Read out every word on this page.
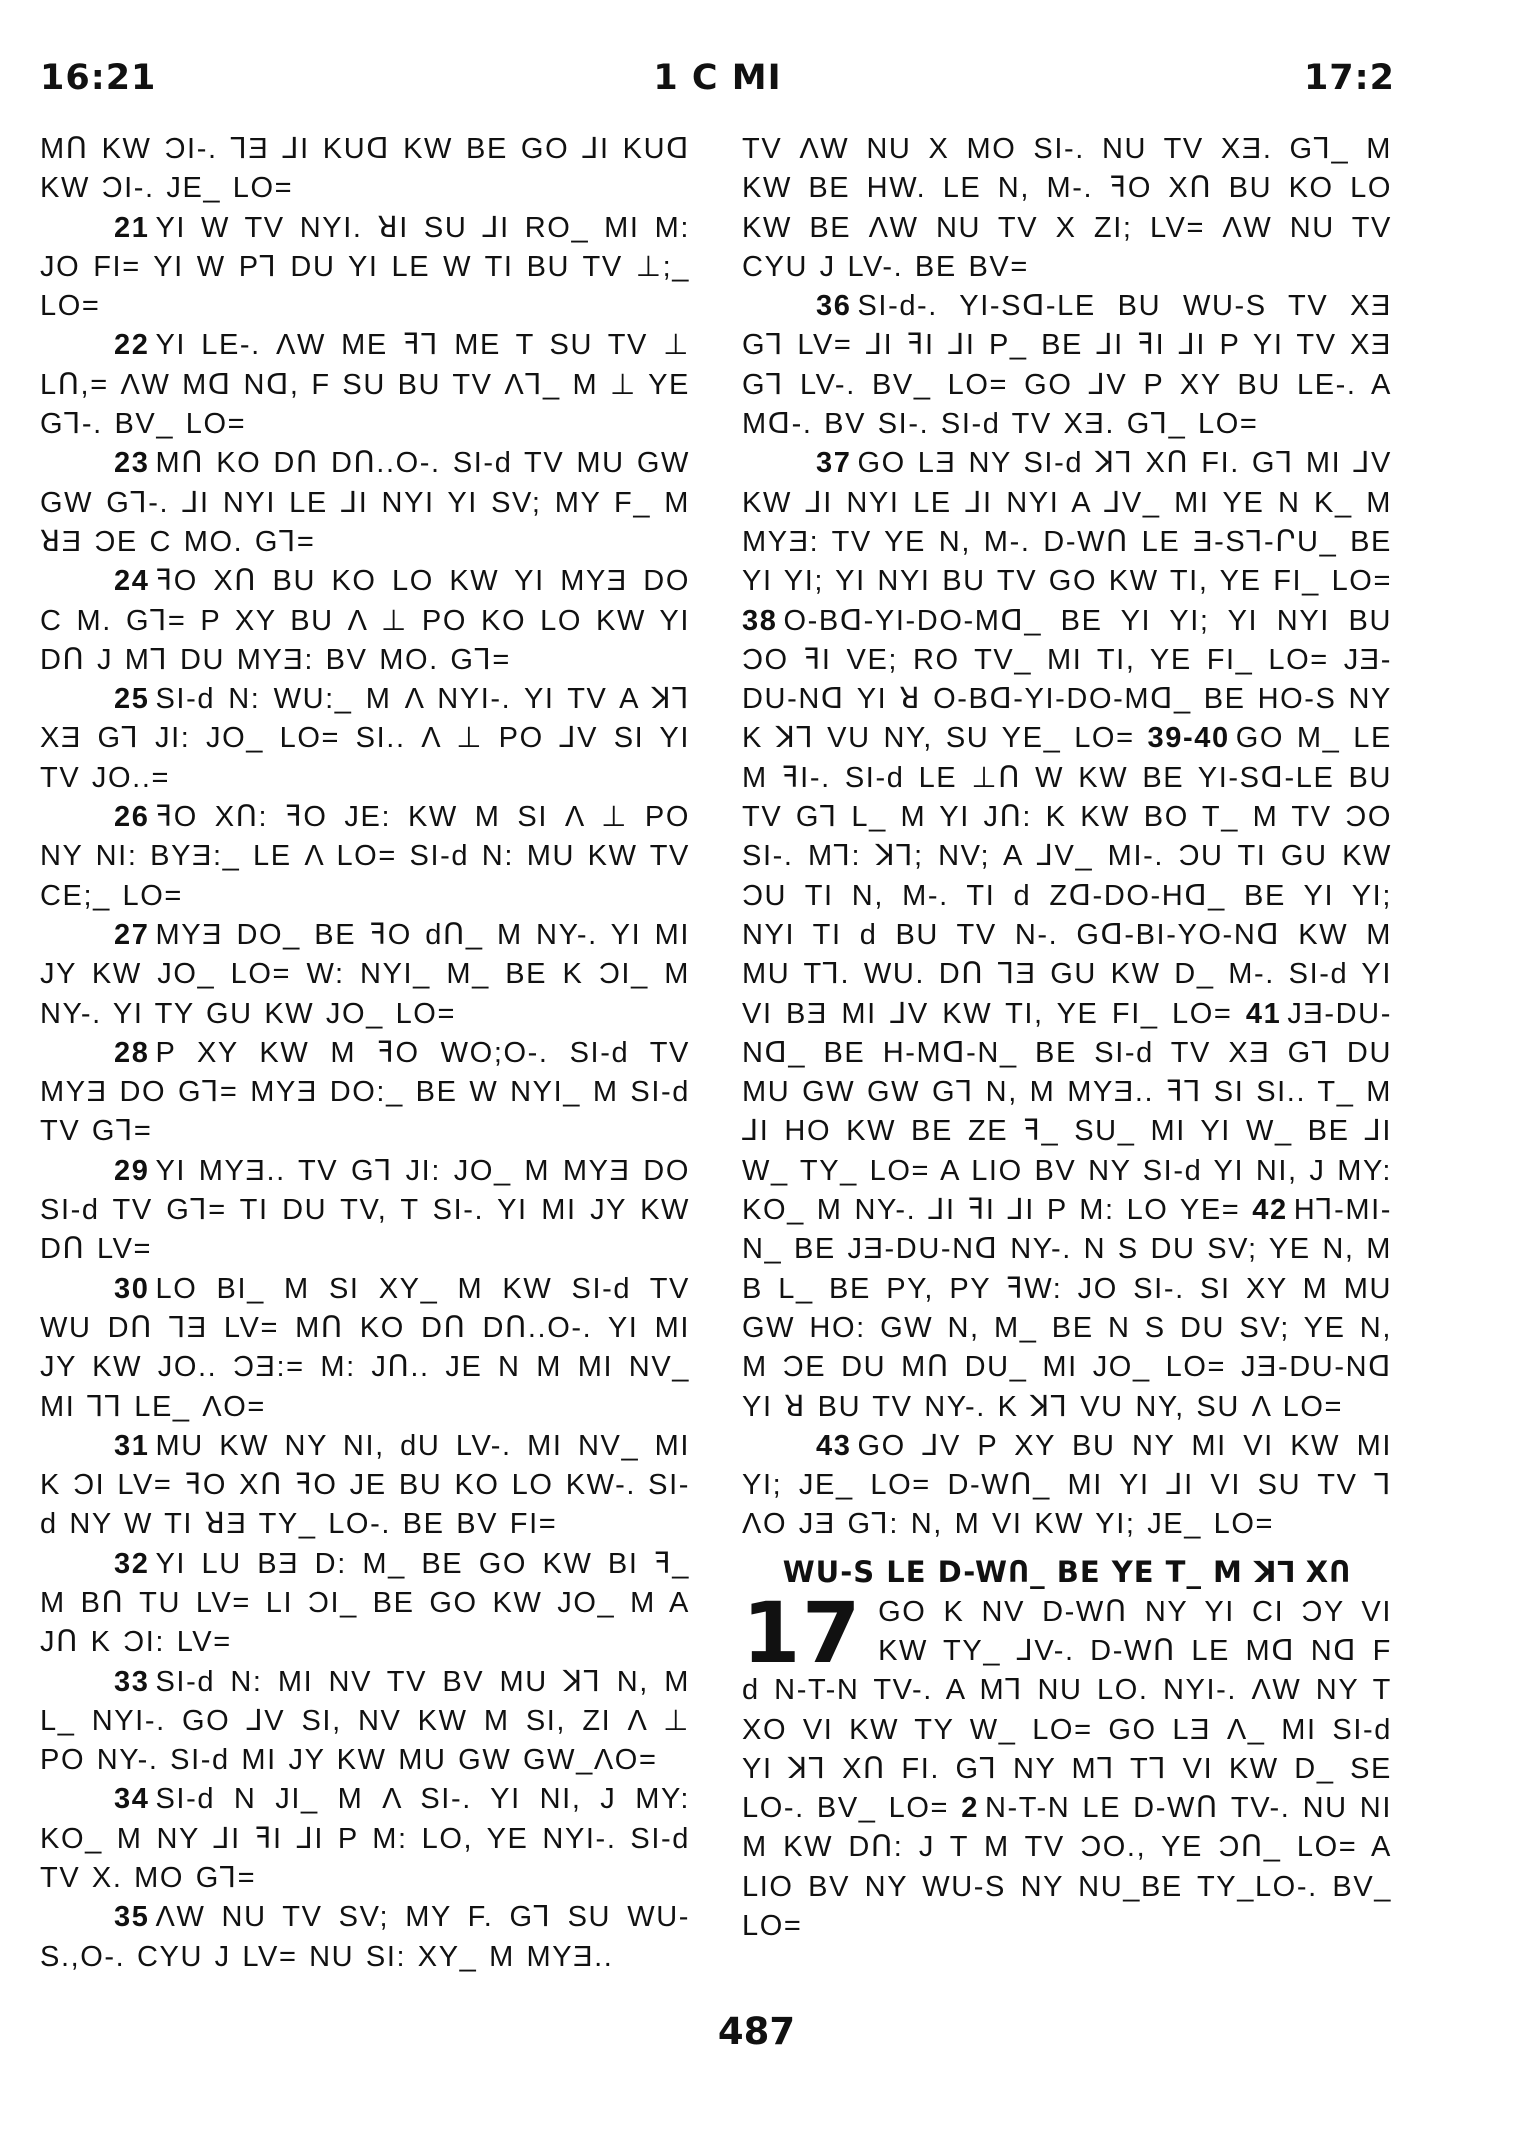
16:21	1 C MI	17:2

MՈ KW ƆI-. ⅂Ǝ ⅃I KUᗡ KW BE GO ⅃I KUᗡ KW ƆI-. JE_ LO=

21 YI W TV NYI. ꓤI SU ⅃I RO_ MI M: JO FI= YI W P⅂ DU YI LE W TI BU TV ⊥;_ LO=

22 YI LE-. ΛW ME ꟻ⅂ ME T SU TV ⊥ LՈ,= ΛW Mᗡ Nᗡ, F SU BU TV Λ⅂_ M ⊥ YE G⅂-. BV_ LO=

23 MՈ KO DՈ DՈ..O-. SI-d TV MU GW GW G⅂-. ⅃I NYI LE ⅃I NYI YI SV; MY F_ M ꓤƎ ƆE C MO. G⅂=

24 ꟻO XՈ BU KO LO KW YI MYƎ DO C M. G⅂= P XY BU Λ ⊥ PO KO LO KW YI DՈ J M⅂ DU MYƎ: BV MO. G⅂=

25 SI-d N: WU:_ M Λ NYI-. YI TV A ꓘ⅂ XƎ G⅂ JI: JO_ LO= SI.. Λ ⊥ PO ⅃V SI YI TV JO..=

26 ꟻO XՈ: ꟻO JE: KW M SI Λ ⊥ PO NY NI: BYƎ:_ LE Λ LO= SI-d N: MU KW TV CE;_ LO=

27 MYƎ DO_ BE ꟻO dՈ_ M NY-. YI MI JY KW JO_ LO= W: NYI_ M_ BE K ƆI_ M NY-. YI TY GU KW JO_ LO=

28 P XY KW M ꟻO WO;O-. SI-d TV MYƎ DO G⅂= MYƎ DO:_ BE W NYI_ M SI-d TV G⅂=

29 YI MYƎ.. TV G⅂ JI: JO_ M MYƎ DO SI-d TV G⅂= TI DU TV, T SI-. YI MI JY KW DՈ LV=

30 LO BI_ M SI XY_ M KW SI-d TV WU DՈ ⅂Ǝ LV= MՈ KO DՈ DՈ..O-. YI MI JY KW JO.. ƆƎ:= M: JՈ.. JE N M MI NV_ MI ⅂⅂ LE_ ΛO=

31 MU KW NY NI, dU LV-. MI NV_ MI K ƆI LV= ꟻO XՈ ꟻO JE BU KO LO KW-. SI-d NY W TI ꓤƎ TY_ LO-. BE BV FI=

32 YI LU BƎ D: M_ BE GO KW BI ꟻ_ M BՈ TU LV= LI ƆI_ BE GO KW JO_ M A JՈ K ƆI: LV=

33 SI-d N: MI NV TV BV MU ꓘ⅂ N, M L_ NYI-. GO ⅃V SI, NV KW M SI, ZI Λ ⊥ PO NY-. SI-d MI JY KW MU GW GW_ΛO=

34 SI-d N JI_ M Λ SI-. YI NI, J MY: KO_ M NY ⅃I ꟻI ⅃I P M: LO, YE NYI-. SI-d TV X. MO G⅂=

35 ΛW NU TV SV; MY F. G⅂ SU WU-S.,O-. CYU J LV= NU SI: XY_ M MYƎ..

TV ΛW NU X MO SI-. NU TV XƎ. G⅂_ M KW BE HW. LE N, M-. ꟻO XՈ BU KO LO KW BE ΛW NU TV X ZI; LV= ΛW NU TV CYU J LV-. BE BV=

36 SI-d-. YI-Sᗡ-LE BU WU-S TV XƎ G⅂ LV= ⅃I ꟻI ⅃I P_ BE ⅃I ꟻI ⅃I P YI TV XƎ G⅂ LV-. BV_ LO= GO ⅃V P XY BU LE-. A Mᗡ-. BV SI-. SI-d TV XƎ. G⅂_ LO=

37 GO LƎ NY SI-d ꓘ⅂ XՈ FI. G⅂ MI ⅃V KW ⅃I NYI LE ⅃I NYI A ⅃V_ MI YE N K_ M MYƎ: TV YE N, M-. D-WՈ LE Ǝ-S⅂-ՐU_ BE YI YI; YI NYI BU TV GO KW TI, YE FI_ LO= 38 O-Bᗡ-YI-DO-Mᗡ_ BE YI YI; YI NYI BU ƆO ꟻI VE; RO TV_ MI TI, YE FI_ LO= JƎ-DU-Nᗡ YI ꓤ O-Bᗡ-YI-DO-Mᗡ_ BE HO-S NY K ꓘ⅂ VU NY, SU YE_ LO= 39-40 GO M_ LE M ꟻI-. SI-d LE ⊥Ո W KW BE YI-Sᗡ-LE BU TV G⅂ L_ M YI JՈ: K KW BO T_ M TV ƆO SI-. M⅂: ꓘ⅂; NV; A ⅃V_ MI-. ƆU TI GU KW ƆU TI N, M-. TI d Zᗡ-DO-Hᗡ_ BE YI YI; NYI TI d BU TV N-. Gᗡ-BI-YO-Nᗡ KW M MU T⅂. WU. DՈ ⅂Ǝ GU KW D_ M-. SI-d YI VI BƎ MI ⅃V KW TI, YE FI_ LO= 41 JƎ-DU-Nᗡ_ BE H-Mᗡ-N_ BE SI-d TV XƎ G⅂ DU MU GW GW G⅂ N, M MYƎ.. ꟻ⅂ SI SI.. T_ M ⅃I HO KW BE ZE ꟻ_ SU_ MI YI W_ BE ⅃I W_ TY_ LO= A LIO BV NY SI-d YI NI, J MY: KO_ M NY-. ⅃I ꟻI ⅃I P M: LO YE= 42 H⅂-MI-N_ BE JƎ-DU-Nᗡ NY-. N S DU SV; YE N, M B L_ BE PY, PY ꟻW: JO SI-. SI XY M MU GW HO: GW N, M_ BE N S DU SV; YE N, M ƆE DU MՈ DU_ MI JO_ LO= JƎ-DU-Nᗡ YI ꓤ BU TV NY-. K ꓘ⅂ VU NY, SU Λ LO=

43 GO ⅃V P XY BU NY MI VI KW MI YI; JE_ LO= D-WՈ_ MI YI ⅃I VI SU TV ⅂ ΛO JƎ G⅂: N, M VI KW YI; JE_ LO=

WU-S LE D-WՈ_ BE YE T_ M ꓘ⅂ XՈ
17 GO K NV D-WՈ NY YI CI ƆY VI KW TY_ ⅃V-. D-WՈ LE Mᗡ Nᗡ F d N-T-N TV-. A M⅂ NU LO. NYI-. ΛW NY T XO VI KW TY W_ LO= GO LƎ Λ_ MI SI-d YI ꓘ⅂ XՈ FI. G⅂ NY M⅂ T⅂ VI KW D_ SE LO-. BV_ LO= 2 N-T-N LE D-WՈ TV-. NU NI M KW DՈ: J T M TV ƆO., YE ƆՈ_ LO= A LIO BV NY WU-S NY NU_BE TY_LO-. BV_ LO=
487
